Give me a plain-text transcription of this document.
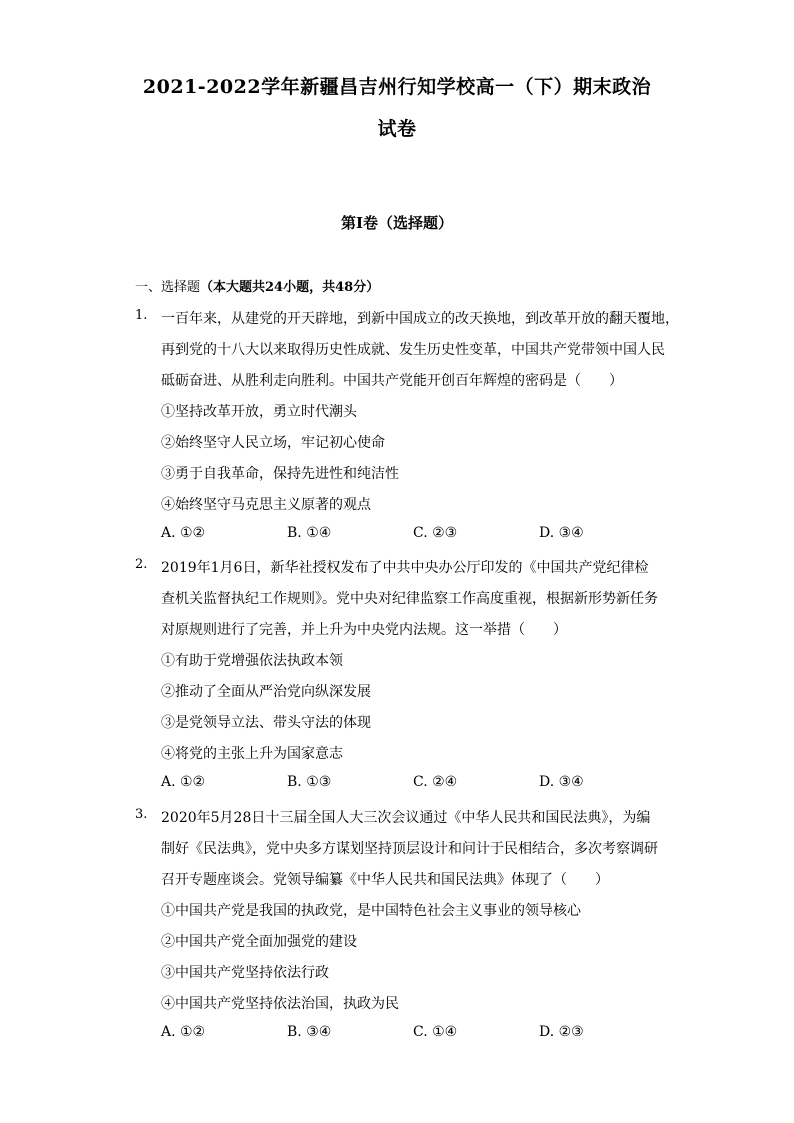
2021-2022学年新疆昌吉州行知学校高一（下）期末政治
试卷
第Ⅰ卷（选择题）
一、选择题（本大题共24小题，共48分）
1. 一百年来，从建党的开天辟地，到新中国成立的改天换地，到改革开放的翻天覆地，
再到党的十八大以来取得历史性成就、发生历史性变革，中国共产党带领中国人民
砥砺奋进、从胜利走向胜利。中国共产党能开创百年辉煌的密码是（　　）
①坚持改革开放，勇立时代潮头
②始终坚守人民立场，牢记初心使命
③勇于自我革命，保持先进性和纯洁性
④始终坚守马克思主义原著的观点
A. ①②	B. ①④	C. ②③	D. ③④
2. 2019年1月6日，新华社授权发布了中共中央办公厅印发的《中国共产党纪律检
查机关监督执纪工作规则》。党中央对纪律监察工作高度重视，根据新形势新任务
对原规则进行了完善，并上升为中央党内法规。这一举措（　　）
①有助于党增强依法执政本领
②推动了全面从严治党向纵深发展
③是党领导立法、带头守法的体现
④将党的主张上升为国家意志
A. ①②	B. ①③	C. ②④	D. ③④
3. 2020年5月28日十三届全国人大三次会议通过《中华人民共和国民法典》，为编
制好《民法典》，党中央多方谋划坚持顶层设计和问计于民相结合，多次考察调研
召开专题座谈会。党领导编纂《中华人民共和国民法典》体现了（　　）
①中国共产党是我国的执政党，是中国特色社会主义事业的领导核心
②中国共产党全面加强党的建设
③中国共产党坚持依法行政
④中国共产党坚持依法治国，执政为民
A. ①②	B. ③④	C. ①④	D. ②③
